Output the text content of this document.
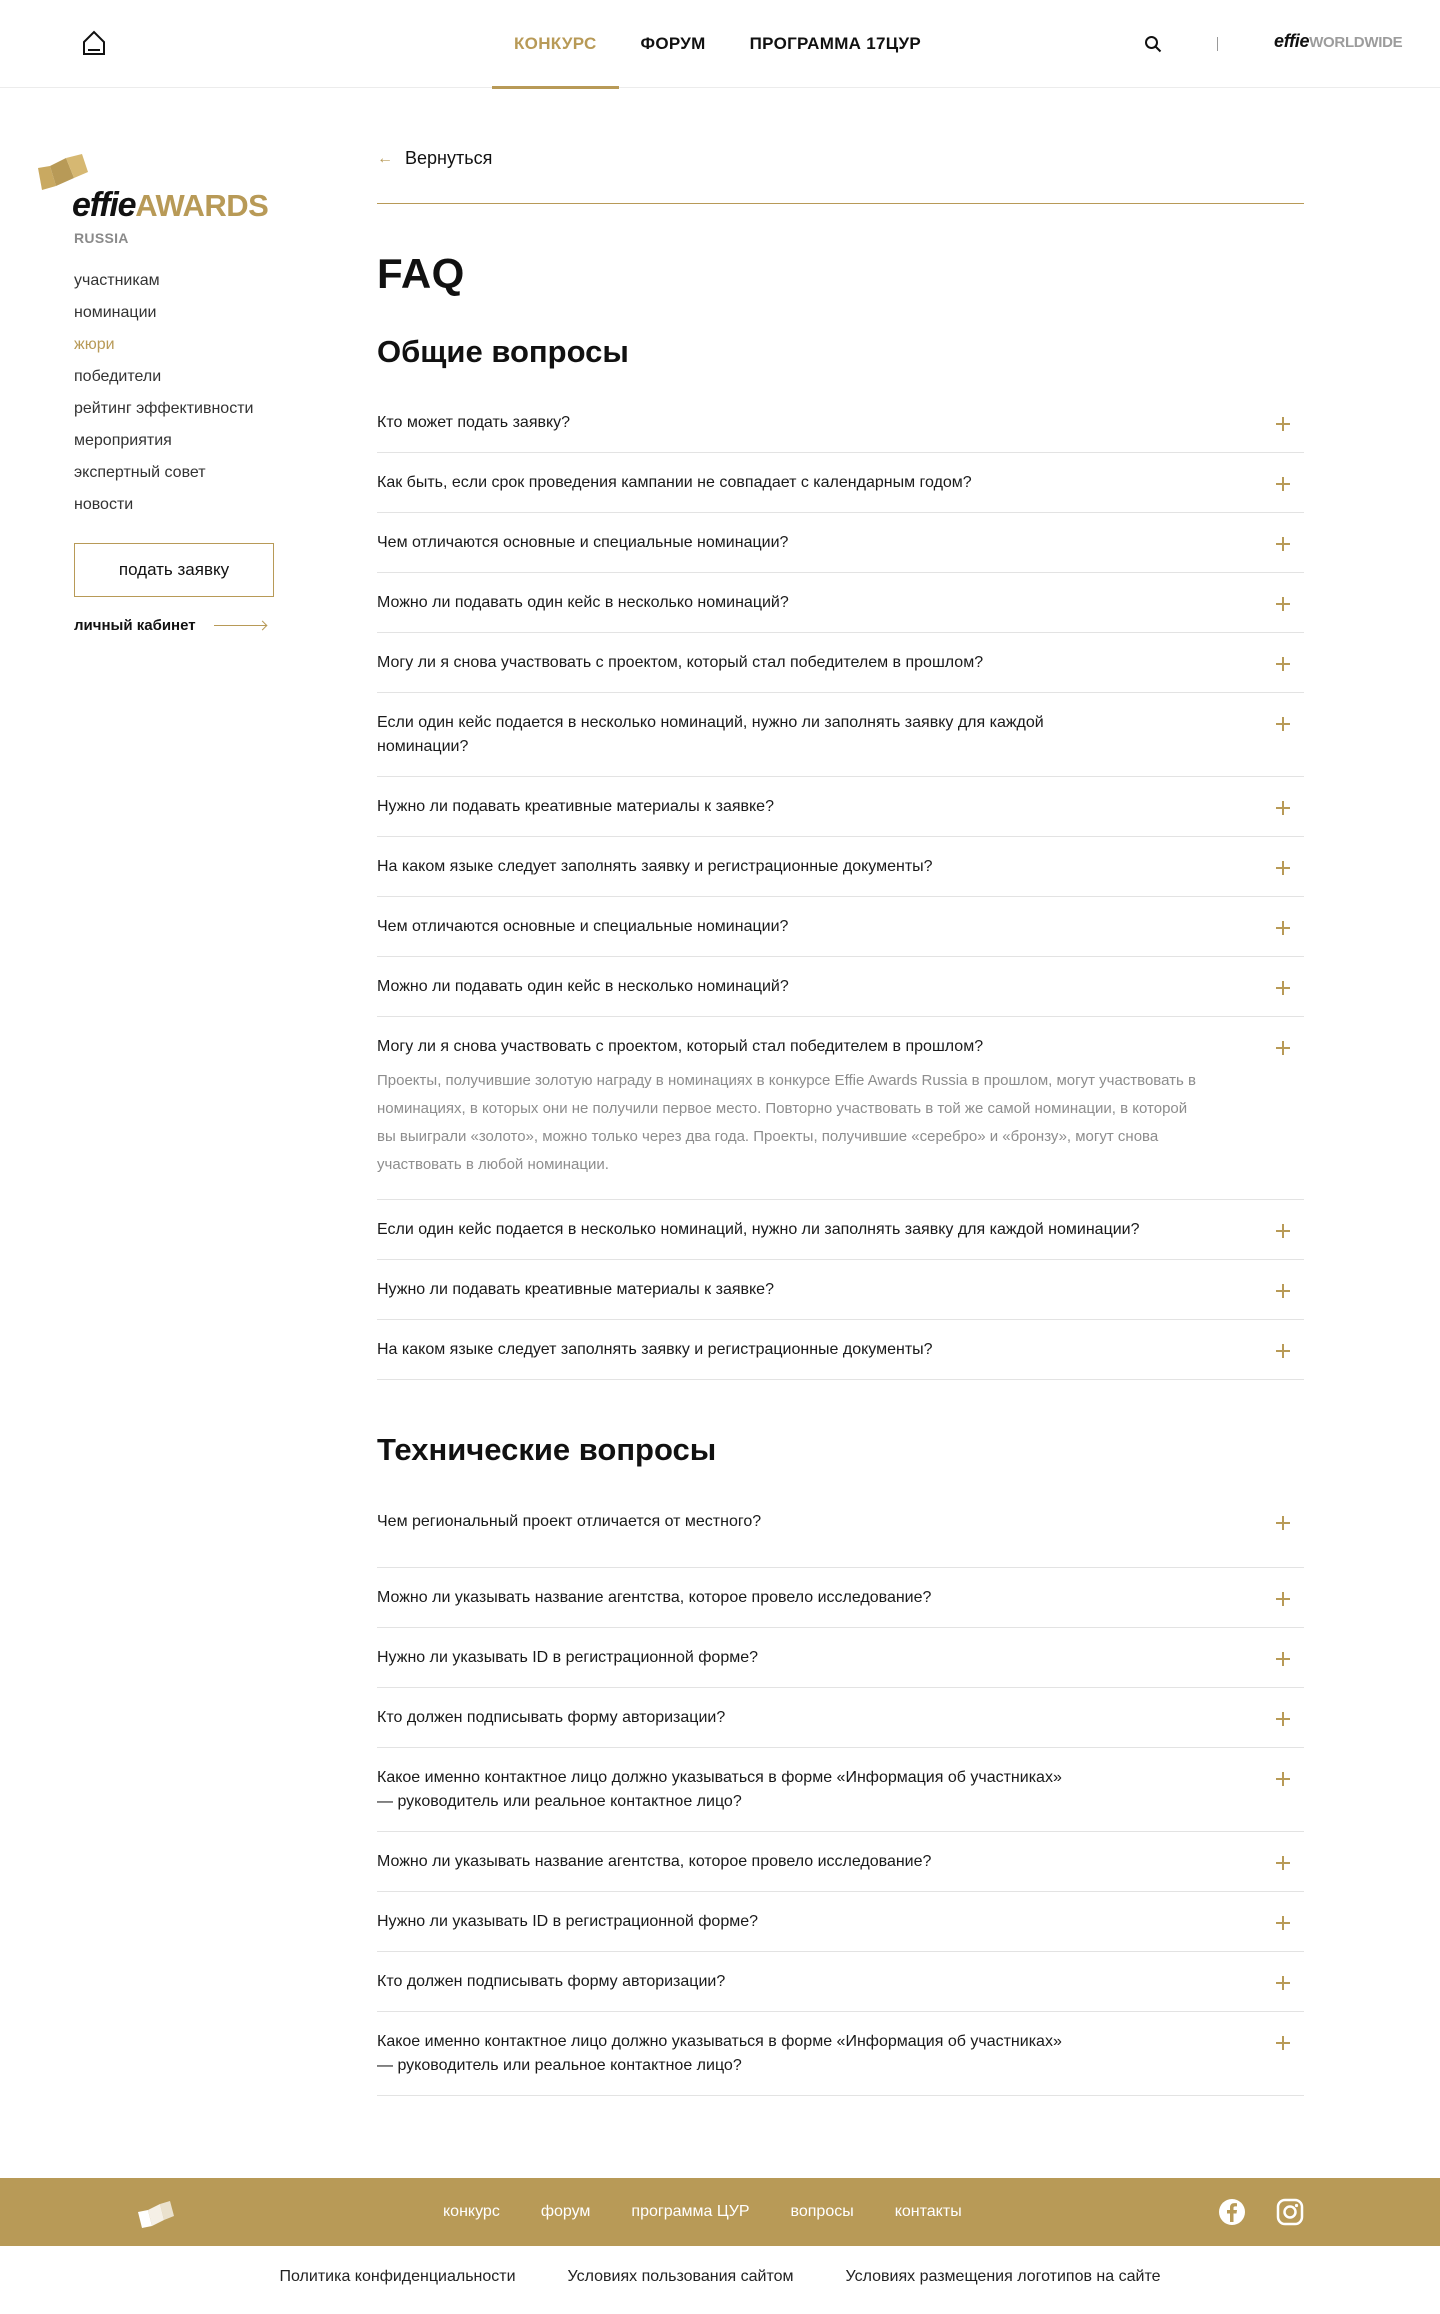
КОНКУРС	ФОРУМ	ПРОГРАММА 17ЦУР	effieWORLDWIDE
effieAWARDS
RUSSIA
участникам
номинации
жюри
победители
рейтинг эффективности
мероприятия
экспертный совет
новости
подать заявку
личный кабинет
← Вернуться
FAQ
Общие вопросы
Кто может подать заявку?
Как быть, если срок проведения кампании не совпадает с календарным годом?
Чем отличаются основные и специальные номинации?
Можно ли подавать один кейс в несколько номинаций?
Могу ли я снова участвовать с проектом, который стал победителем в прошлом?
Если один кейс подается в несколько номинаций, нужно ли заполнять заявку для каждой номинации?
Нужно ли подавать креативные материалы к заявке?
На каком языке следует заполнять заявку и регистрационные документы?
Чем отличаются основные и специальные номинации?
Можно ли подавать один кейс в несколько номинаций?
Могу ли я снова участвовать с проектом, который стал победителем в прошлом?
Проекты, получившие золотую награду в номинациях в конкурсе Effie Awards Russia в прошлом, могут участвовать в номинациях, в которых они не получили первое место. Повторно участвовать в той же самой номинации, в которой вы выиграли «золото», можно только через два года. Проекты, получившие «серебро» и «бронзу», могут снова участвовать в любой номинации.
Если один кейс подается в несколько номинаций, нужно ли заполнять заявку для каждой номинации?
Нужно ли подавать креативные материалы к заявке?
На каком языке следует заполнять заявку и регистрационные документы?
Технические вопросы
Чем региональный проект отличается от местного?
Можно ли указывать название агентства, которое провело исследование?
Нужно ли указывать ID в регистрационной форме?
Кто должен подписывать форму авторизации?
Какое именно контактное лицо должно указываться в форме «Информация об участниках» — руководитель или реальное контактное лицо?
Можно ли указывать название агентства, которое провело исследование?
Нужно ли указывать ID в регистрационной форме?
Кто должен подписывать форму авторизации?
Какое именно контактное лицо должно указываться в форме «Информация об участниках» — руководитель или реальное контактное лицо?
конкурс	форум	программа ЦУР	вопросы	контакты
Политика конфиденциальности	Условиях пользования сайтом	Условиях размещения логотипов на сайте
